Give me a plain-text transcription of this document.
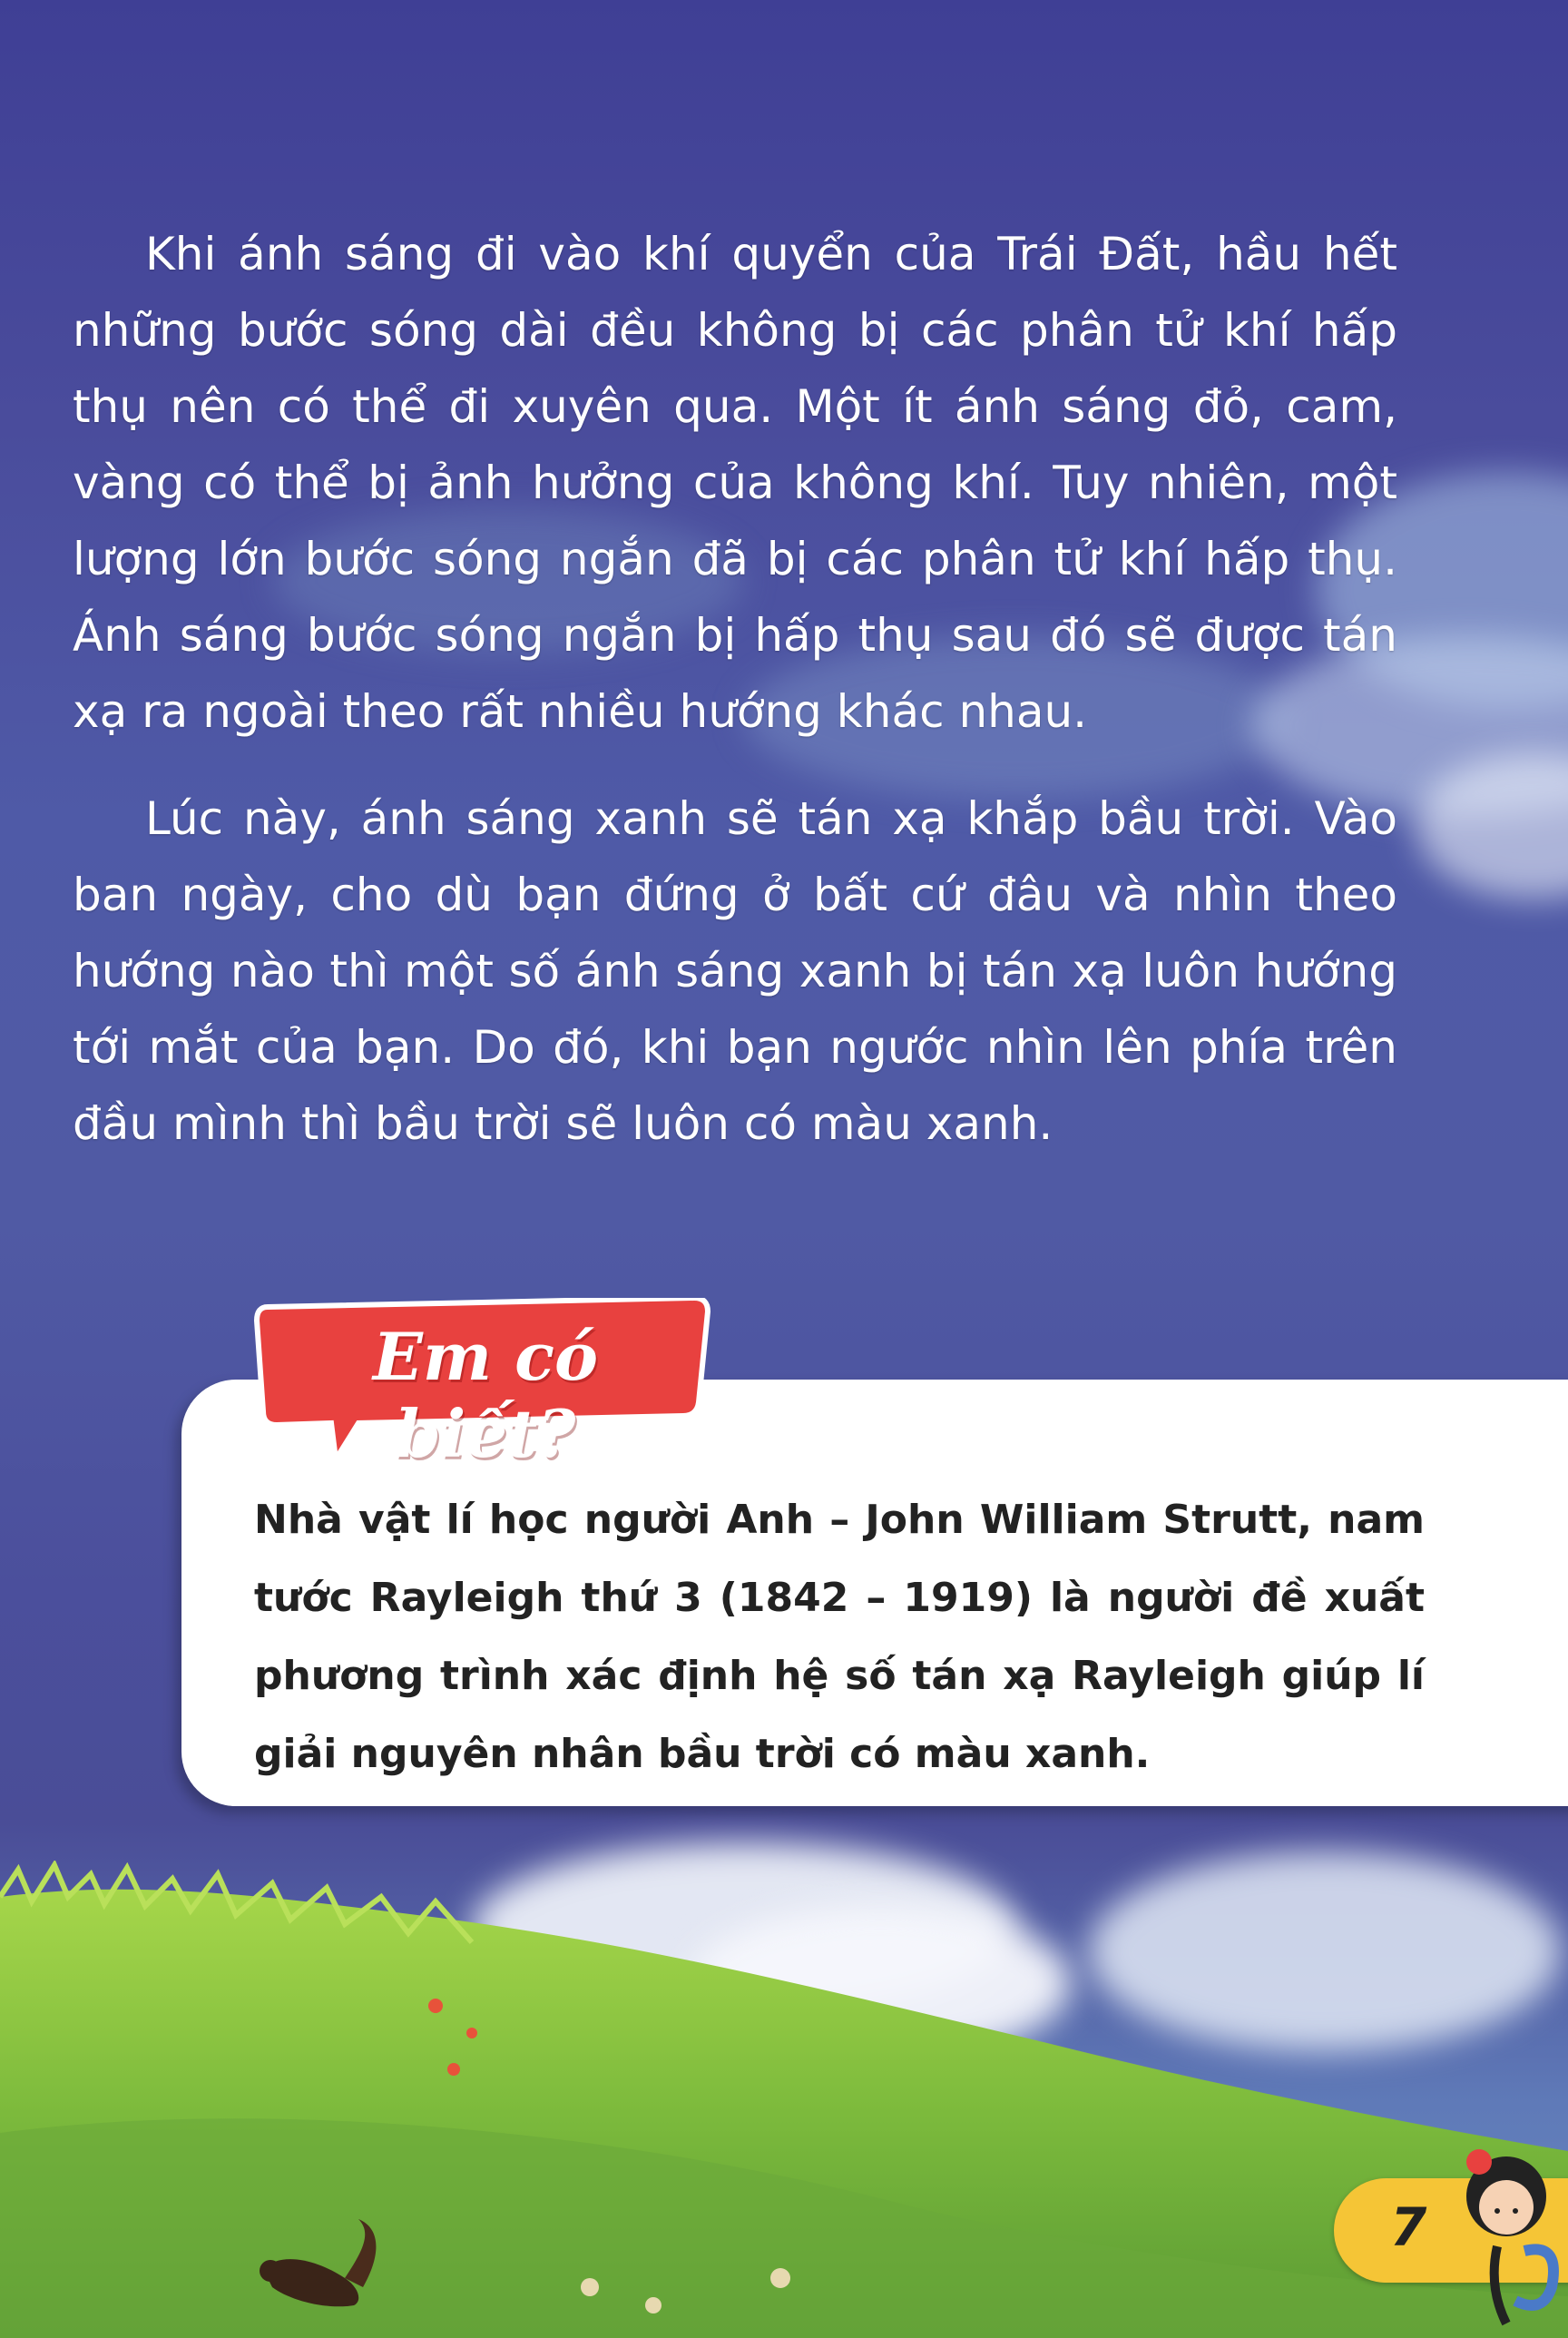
Khi ánh sáng đi vào khí quyển của Trái Đất, hầu hết những bước sóng dài đều không bị các phân tử khí hấp thụ nên có thể đi xuyên qua. Một ít ánh sáng đỏ, cam, vàng có thể bị ảnh hưởng của không khí. Tuy nhiên, một lượng lớn bước sóng ngắn đã bị các phân tử khí hấp thụ. Ánh sáng bước sóng ngắn bị hấp thụ sau đó sẽ được tán xạ ra ngoài theo rất nhiều hướng khác nhau.
Lúc này, ánh sáng xanh sẽ tán xạ khắp bầu trời. Vào ban ngày, cho dù bạn đứng ở bất cứ đâu và nhìn theo hướng nào thì một số ánh sáng xanh bị tán xạ luôn hướng tới mắt của bạn. Do đó, khi bạn ngước nhìn lên phía trên đầu mình thì bầu trời sẽ luôn có màu xanh.
Em có biết?
Nhà vật lí học người Anh – John William Strutt, nam tước Rayleigh thứ 3 (1842 – 1919) là người đề xuất phương trình xác định hệ số tán xạ Rayleigh giúp lí giải nguyên nhân bầu trời có màu xanh.
7
